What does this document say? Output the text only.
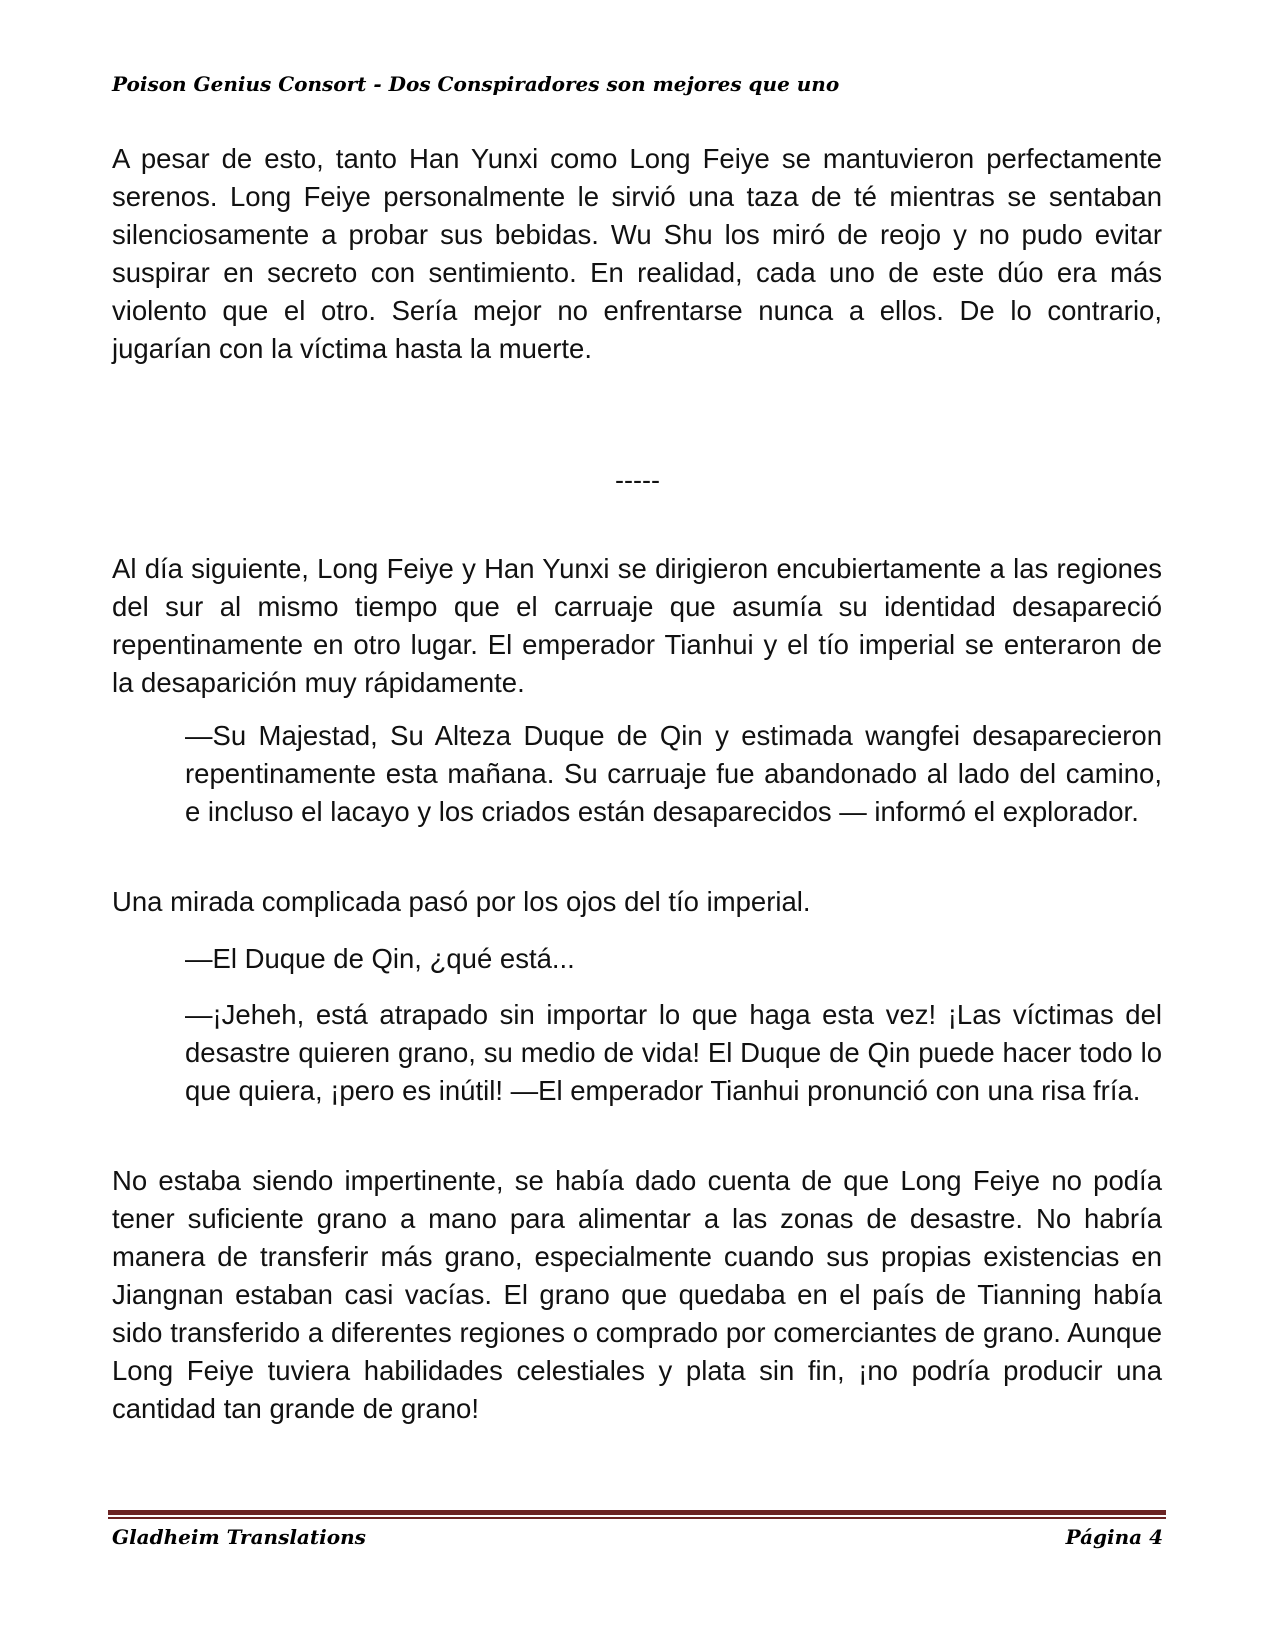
Poison Genius Consort - Dos Conspiradores son mejores que uno

A pesar de esto, tanto Han Yunxi como Long Feiye se mantuvieron perfectamente serenos. Long Feiye personalmente le sirvió una taza de té mientras se sentaban silenciosamente a probar sus bebidas. Wu Shu los miró de reojo y no pudo evitar suspirar en secreto con sentimiento. En realidad, cada uno de este dúo era más violento que el otro. Sería mejor no enfrentarse nunca a ellos. De lo contrario, jugarían con la víctima hasta la muerte.

-----

Al día siguiente, Long Feiye y Han Yunxi se dirigieron encubiertamente a las regiones del sur al mismo tiempo que el carruaje que asumía su identidad desapareció repentinamente en otro lugar. El emperador Tianhui y el tío imperial se enteraron de la desaparición muy rápidamente.

—Su Majestad, Su Alteza Duque de Qin y estimada wangfei desaparecieron repentinamente esta mañana. Su carruaje fue abandonado al lado del camino, e incluso el lacayo y los criados están desaparecidos — informó el explorador.

Una mirada complicada pasó por los ojos del tío imperial.

—El Duque de Qin, ¿qué está...

—¡Jeheh, está atrapado sin importar lo que haga esta vez! ¡Las víctimas del desastre quieren grano, su medio de vida! El Duque de Qin puede hacer todo lo que quiera, ¡pero es inútil! —El emperador Tianhui pronunció con una risa fría.

No estaba siendo impertinente, se había dado cuenta de que Long Feiye no podía tener suficiente grano a mano para alimentar a las zonas de desastre. No habría manera de transferir más grano, especialmente cuando sus propias existencias en Jiangnan estaban casi vacías. El grano que quedaba en el país de Tianning había sido transferido a diferentes regiones o comprado por comerciantes de grano. Aunque Long Feiye tuviera habilidades celestiales y plata sin fin, ¡no podría producir una cantidad tan grande de grano!

Gladheim Translations	Página 4
